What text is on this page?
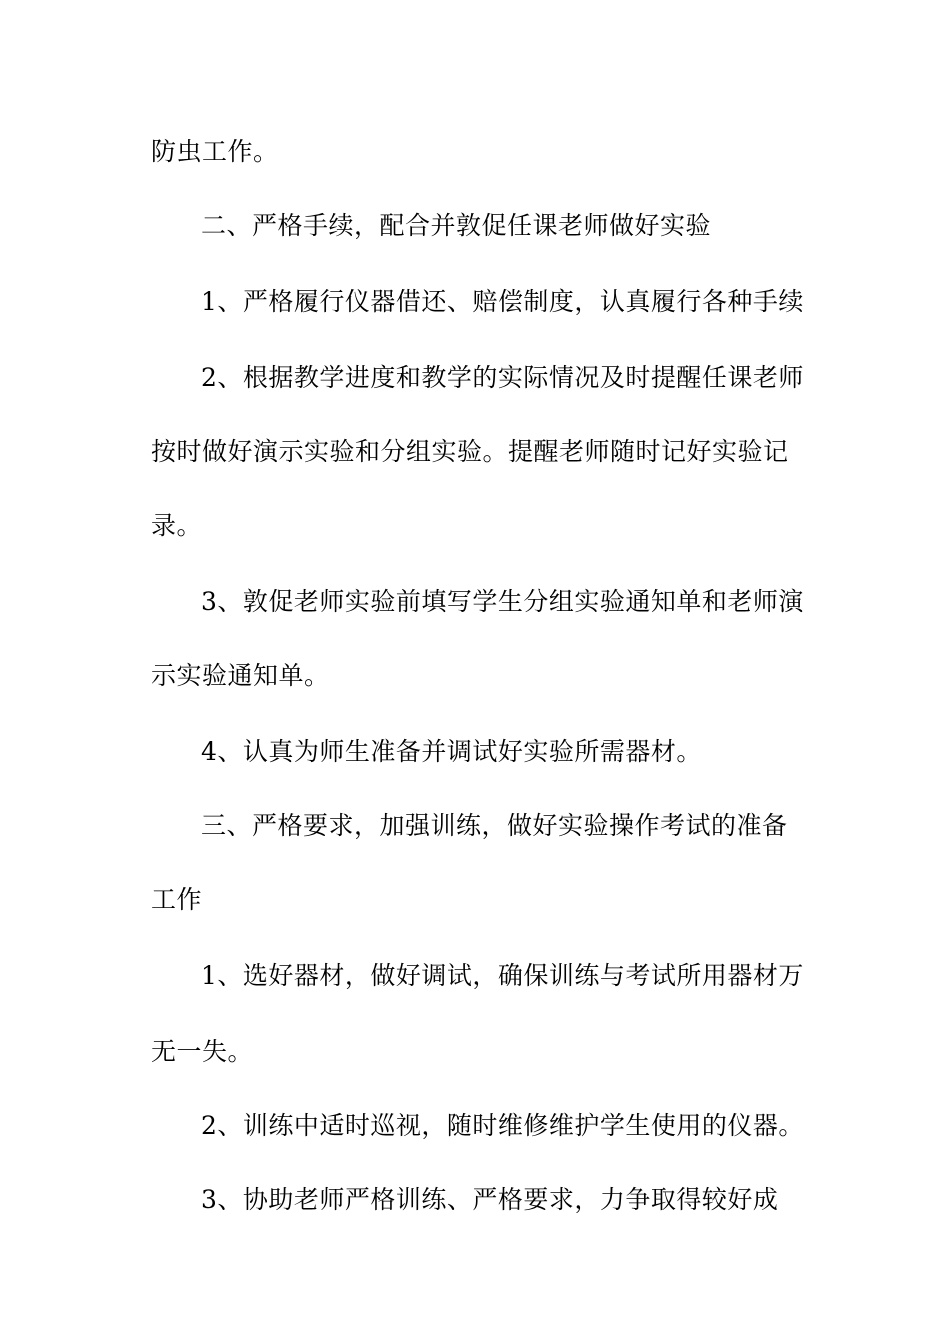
防虫工作。
二、严格手续，配合并敦促任课老师做好实验
1、严格履行仪器借还、赔偿制度，认真履行各种手续
2、根据教学进度和教学的实际情况及时提醒任课老师
按时做好演示实验和分组实验。提醒老师随时记好实验记
录。
3、敦促老师实验前填写学生分组实验通知单和老师演
示实验通知单。
4、认真为师生准备并调试好实验所需器材。
三、严格要求，加强训练，做好实验操作考试的准备
工作
1、选好器材，做好调试，确保训练与考试所用器材万
无一失。
2、训练中适时巡视，随时维修维护学生使用的仪器。
3、协助老师严格训练、严格要求，力争取得较好成
